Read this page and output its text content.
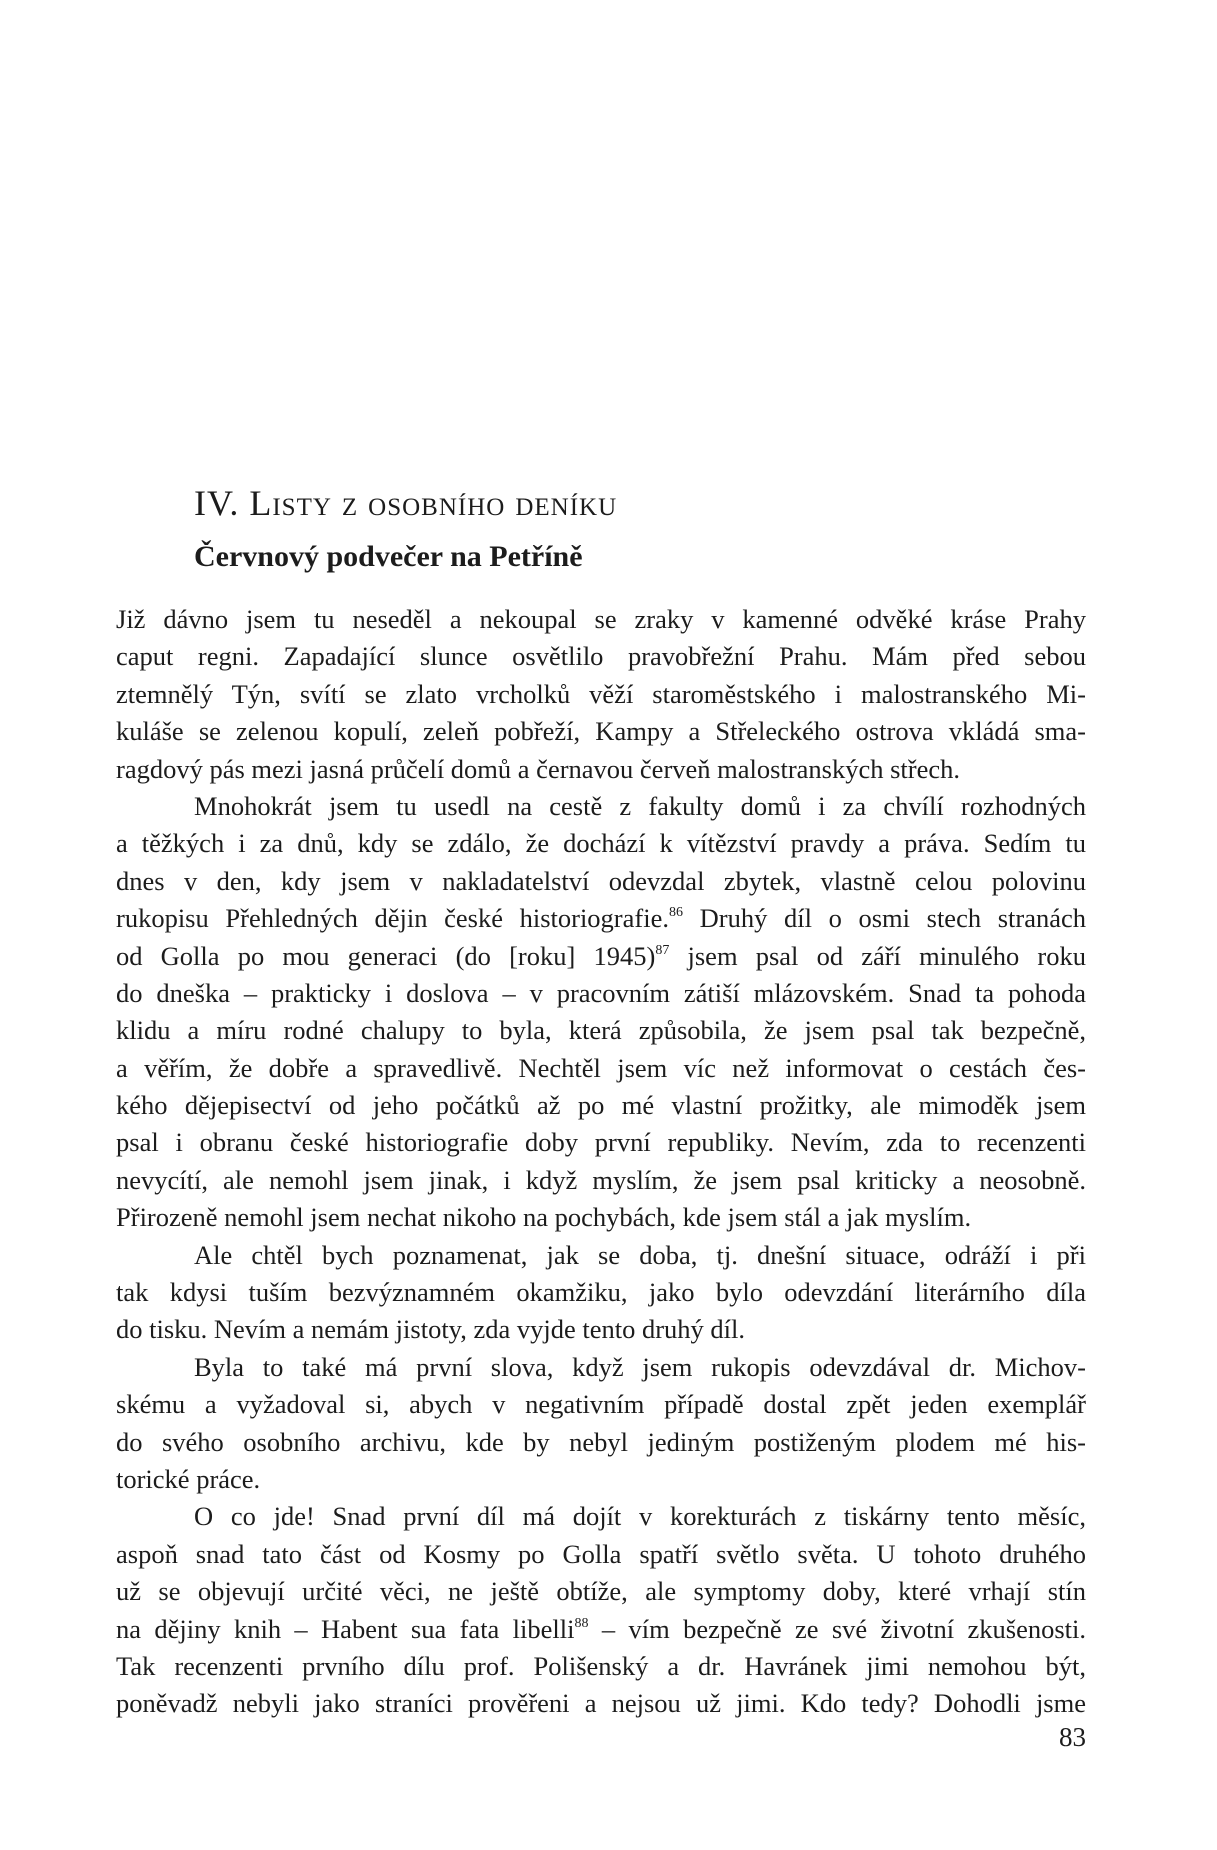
IV. Listy z osobního deníku
Červnový podvečer na Petříně
Již dávno jsem tu neseděl a nekoupal se zraky v kamenné odvěké kráse Prahy
caput regni. Zapadající slunce osvětlilo pravobřežní Prahu. Mám před sebou
ztemnělý Týn, svítí se zlato vrcholků věží staroměstského i malostranského Mi-
kuláše se zelenou kopulí, zeleň pobřeží, Kampy a Střeleckého ostrova vkládá sma-
ragdový pás mezi jasná průčelí domů a černavou červeň malostranských střech.
Mnohokrát jsem tu usedl na cestě z fakulty domů i za chvílí rozhodných
a těžkých i za dnů, kdy se zdálo, že dochází k vítězství pravdy a práva. Sedím tu
dnes v den, kdy jsem v nakladatelství odevzdal zbytek, vlastně celou polovinu
rukopisu Přehledných dějin české historiografie.$^{86}$ Druhý díl o osmi stech stranách
od Golla po mou generaci (do [roku] 1945)$^{87}$ jsem psal od září minulého roku
do dneška – prakticky i doslova – v pracovním zátiší mlázovském. Snad ta pohoda
klidu a míru rodné chalupy to byla, která způsobila, že jsem psal tak bezpečně,
a věřím, že dobře a spravedlivě. Nechtěl jsem víc než informovat o cestách čes-
kého dějepisectví od jeho počátků až po mé vlastní prožitky, ale mimoděk jsem
psal i obranu české historiografie doby první republiky. Nevím, zda to recenzenti
nevycítí, ale nemohl jsem jinak, i když myslím, že jsem psal kriticky a neosobně.
Přirozeně nemohl jsem nechat nikoho na pochybách, kde jsem stál a jak myslím.
Ale chtěl bych poznamenat, jak se doba, tj. dnešní situace, odráží i při
tak kdysi tuším bezvýznamném okamžiku, jako bylo odevzdání literárního díla
do tisku. Nevím a nemám jistoty, zda vyjde tento druhý díl.
Byla to také má první slova, když jsem rukopis odevzdával dr. Michov-
skému a vyžadoval si, abych v negativním případě dostal zpět jeden exemplář
do svého osobního archivu, kde by nebyl jediným postiženým plodem mé his-
torické práce.
O co jde! Snad první díl má dojít v korekturách z tiskárny tento měsíc,
aspoň snad tato část od Kosmy po Golla spatří světlo světa. U tohoto druhého
už se objevují určité věci, ne ještě obtíže, ale symptomy doby, které vrhají stín
na dějiny knih – Habent sua fata libelli$^{88}$ – vím bezpečně ze své životní zkušenosti.
Tak recenzenti prvního dílu prof. Polišenský a dr. Havránek jimi nemohou být,
poněvadž nebyli jako straníci prověřeni a nejsou už jimi. Kdo tedy? Dohodli jsme
83
